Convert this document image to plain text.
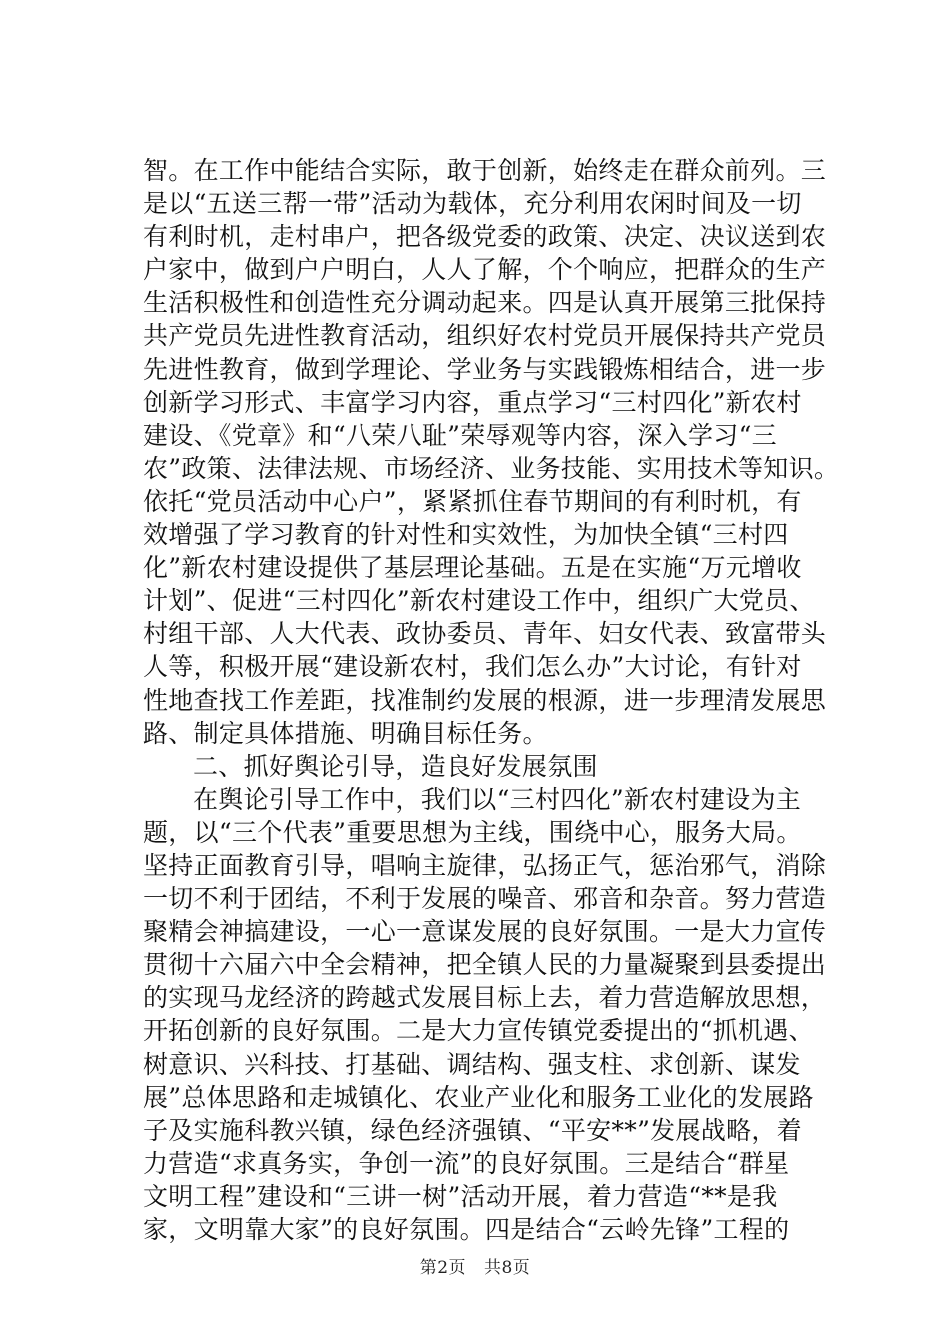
智。在工作中能结合实际，敢于创新，始终走在群众前列。三
是以“五送三帮一带”活动为载体，充分利用农闲时间及一切
有利时机，走村串户，把各级党委的政策、决定、决议送到农
户家中，做到户户明白，人人了解，个个响应，把群众的生产
生活积极性和创造性充分调动起来。四是认真开展第三批保持
共产党员先进性教育活动，组织好农村党员开展保持共产党员
先进性教育，做到学理论、学业务与实践锻炼相结合，进一步
创新学习形式、丰富学习内容，重点学习“三村四化”新农村
建设、《党章》和“八荣八耻”荣辱观等内容，深入学习“三
农”政策、法律法规、市场经济、业务技能、实用技术等知识。
依托“党员活动中心户”，紧紧抓住春节期间的有利时机，有
效增强了学习教育的针对性和实效性，为加快全镇“三村四
化”新农村建设提供了基层理论基础。五是在实施“万元增收
计划”、促进“三村四化”新农村建设工作中，组织广大党员、
村组干部、人大代表、政协委员、青年、妇女代表、致富带头
人等，积极开展“建设新农村，我们怎么办”大讨论，有针对
性地查找工作差距，找准制约发展的根源，进一步理清发展思
路、制定具体措施、明确目标任务。
二、抓好舆论引导，造良好发展氛围
在舆论引导工作中，我们以“三村四化”新农村建设为主
题，以“三个代表”重要思想为主线，围绕中心，服务大局。
坚持正面教育引导，唱响主旋律，弘扬正气，惩治邪气，消除
一切不利于团结，不利于发展的噪音、邪音和杂音。努力营造
聚精会神搞建设，一心一意谋发展的良好氛围。一是大力宣传
贯彻十六届六中全会精神，把全镇人民的力量凝聚到县委提出
的实现马龙经济的跨越式发展目标上去，着力营造解放思想，
开拓创新的良好氛围。二是大力宣传镇党委提出的“抓机遇、
树意识、兴科技、打基础、调结构、强支柱、求创新、谋发
展”总体思路和走城镇化、农业产业化和服务工业化的发展路
子及实施科教兴镇，绿色经济强镇、“平安**”发展战略，着
力营造“求真务实，争创一流”的良好氛围。三是结合“群星
文明工程”建设和“三讲一树”活动开展，着力营造“**是我
家，文明靠大家”的良好氛围。四是结合“云岭先锋”工程的
第2页 共8页
